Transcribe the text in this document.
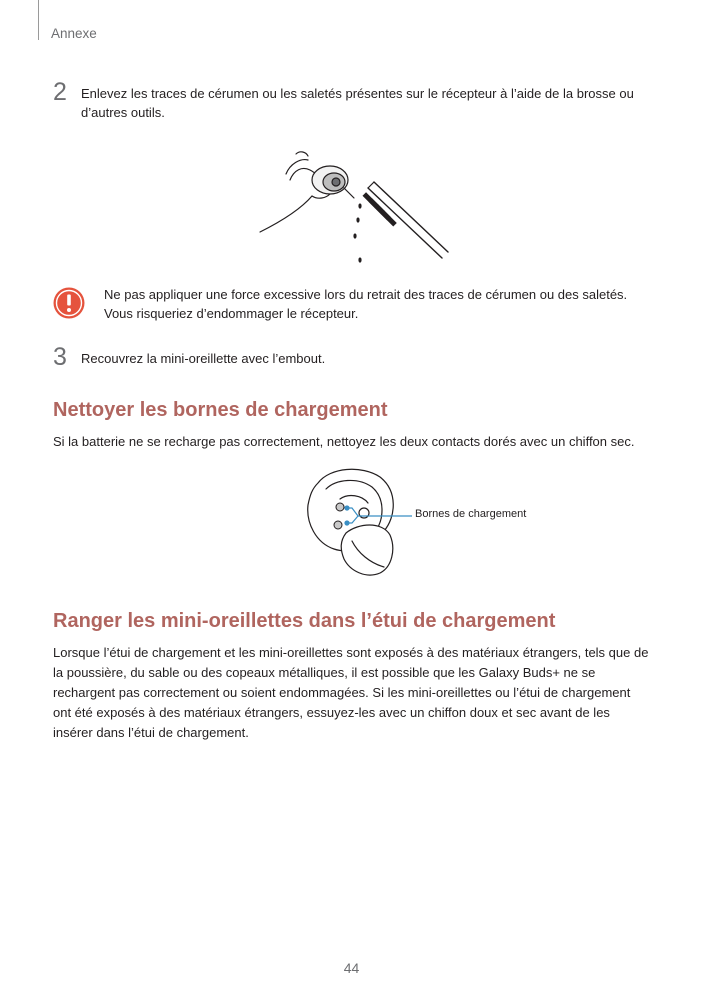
Annexe
2 Enlevez les traces de cérumen ou les saletés présentes sur le récepteur à l’aide de la brosse ou d’autres outils.
Ne pas appliquer une force excessive lors du retrait des traces de cérumen ou des saletés.
Vous risqueriez d’endommager le récepteur.
3 Recouvrez la mini-oreillette avec l’embout.
Nettoyer les bornes de chargement
Si la batterie ne se recharge pas correctement, nettoyez les deux contacts dorés avec un chiffon sec.
Bornes de chargement
Ranger les mini-oreillettes dans l’étui de chargement
Lorsque l’étui de chargement et les mini-oreillettes sont exposés à des matériaux étrangers, tels que de la poussière, du sable ou des copeaux métalliques, il est possible que les Galaxy Buds+ ne se rechargent pas correctement ou soient endommagées. Si les mini-oreillettes ou l’étui de chargement ont été exposés à des matériaux étrangers, essuyez-les avec un chiffon doux et sec avant de les insérer dans l’étui de chargement.
44
